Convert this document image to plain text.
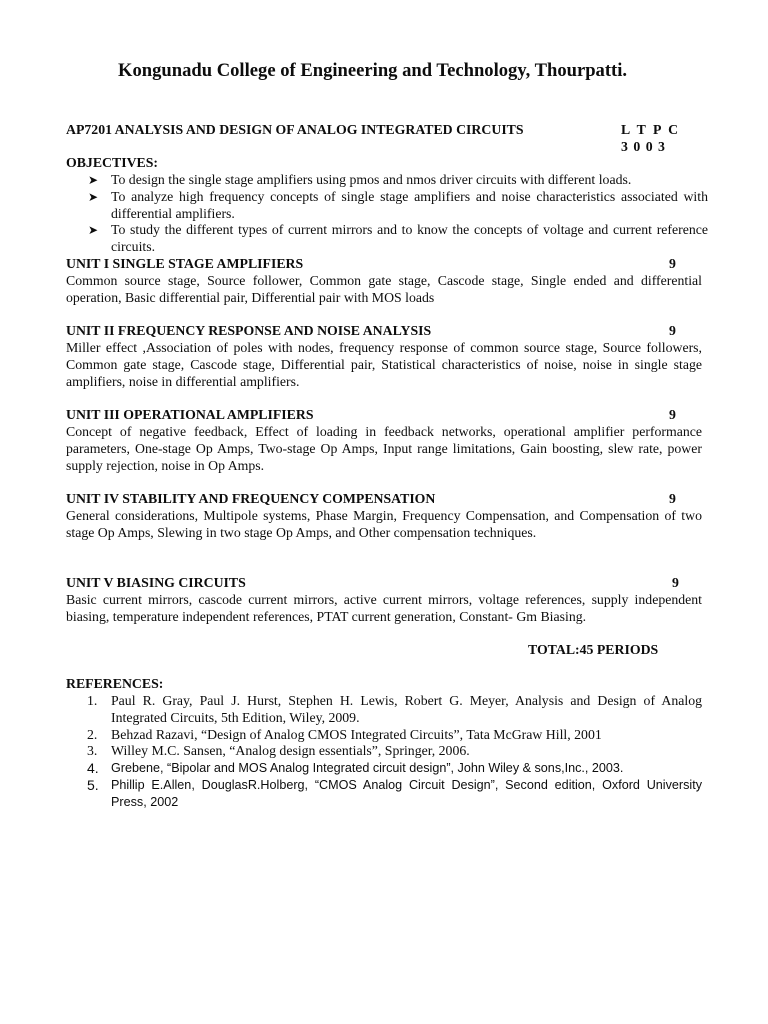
Kongunadu College of Engineering and Technology, Thourpatti.
AP7201 ANALYSIS AND DESIGN OF ANALOG INTEGRATED CIRCUITS	L T P C
3 0 0 3
OBJECTIVES:
➤ To design the single stage amplifiers using pmos and nmos driver circuits with different loads.
➤ To analyze high frequency concepts of single stage amplifiers and noise characteristics associated with differential amplifiers.
➤ To study the different types of current mirrors and to know the concepts of voltage and current reference circuits.
UNIT I SINGLE STAGE AMPLIFIERS	9

Common source stage, Source follower, Common gate stage, Cascode stage, Single ended and differential operation, Basic differential pair, Differential pair with MOS loads

UNIT II FREQUENCY RESPONSE AND NOISE ANALYSIS	9

Miller effect ,Association of poles with nodes, frequency response of common source stage, Source followers, Common gate stage, Cascode stage, Differential pair, Statistical characteristics of noise, noise in single stage amplifiers, noise in differential amplifiers.

UNIT III OPERATIONAL AMPLIFIERS	9

Concept of negative feedback, Effect of loading in feedback networks, operational amplifier performance parameters, One-stage Op Amps, Two-stage Op Amps, Input range limitations, Gain boosting, slew rate, power supply rejection, noise in Op Amps.

UNIT IV STABILITY AND FREQUENCY COMPENSATION	9

General considerations, Multipole systems, Phase Margin, Frequency Compensation, and Compensation of two stage Op Amps, Slewing in two stage Op Amps, and Other compensation techniques.

UNIT V BIASING CIRCUITS	9

Basic current mirrors, cascode current mirrors, active current mirrors, voltage references, supply independent biasing, temperature independent references, PTAT current generation, Constant- Gm Biasing.

TOTAL:45 PERIODS
REFERENCES:
1. Paul R. Gray, Paul J. Hurst, Stephen H. Lewis, Robert G. Meyer, Analysis and Design of Analog Integrated Circuits, 5th Edition, Wiley, 2009.
2. Behzad Razavi, “Design of Analog CMOS Integrated Circuits”, Tata McGraw Hill, 2001
3. Willey M.C. Sansen, “Analog design essentials”, Springer, 2006.
4. Grebene, “Bipolar and MOS Analog Integrated circuit design”, John Wiley & sons,Inc., 2003.
5. Phillip E.Allen, DouglasR.Holberg, “CMOS Analog Circuit Design”, Second edition, Oxford University Press, 2002
